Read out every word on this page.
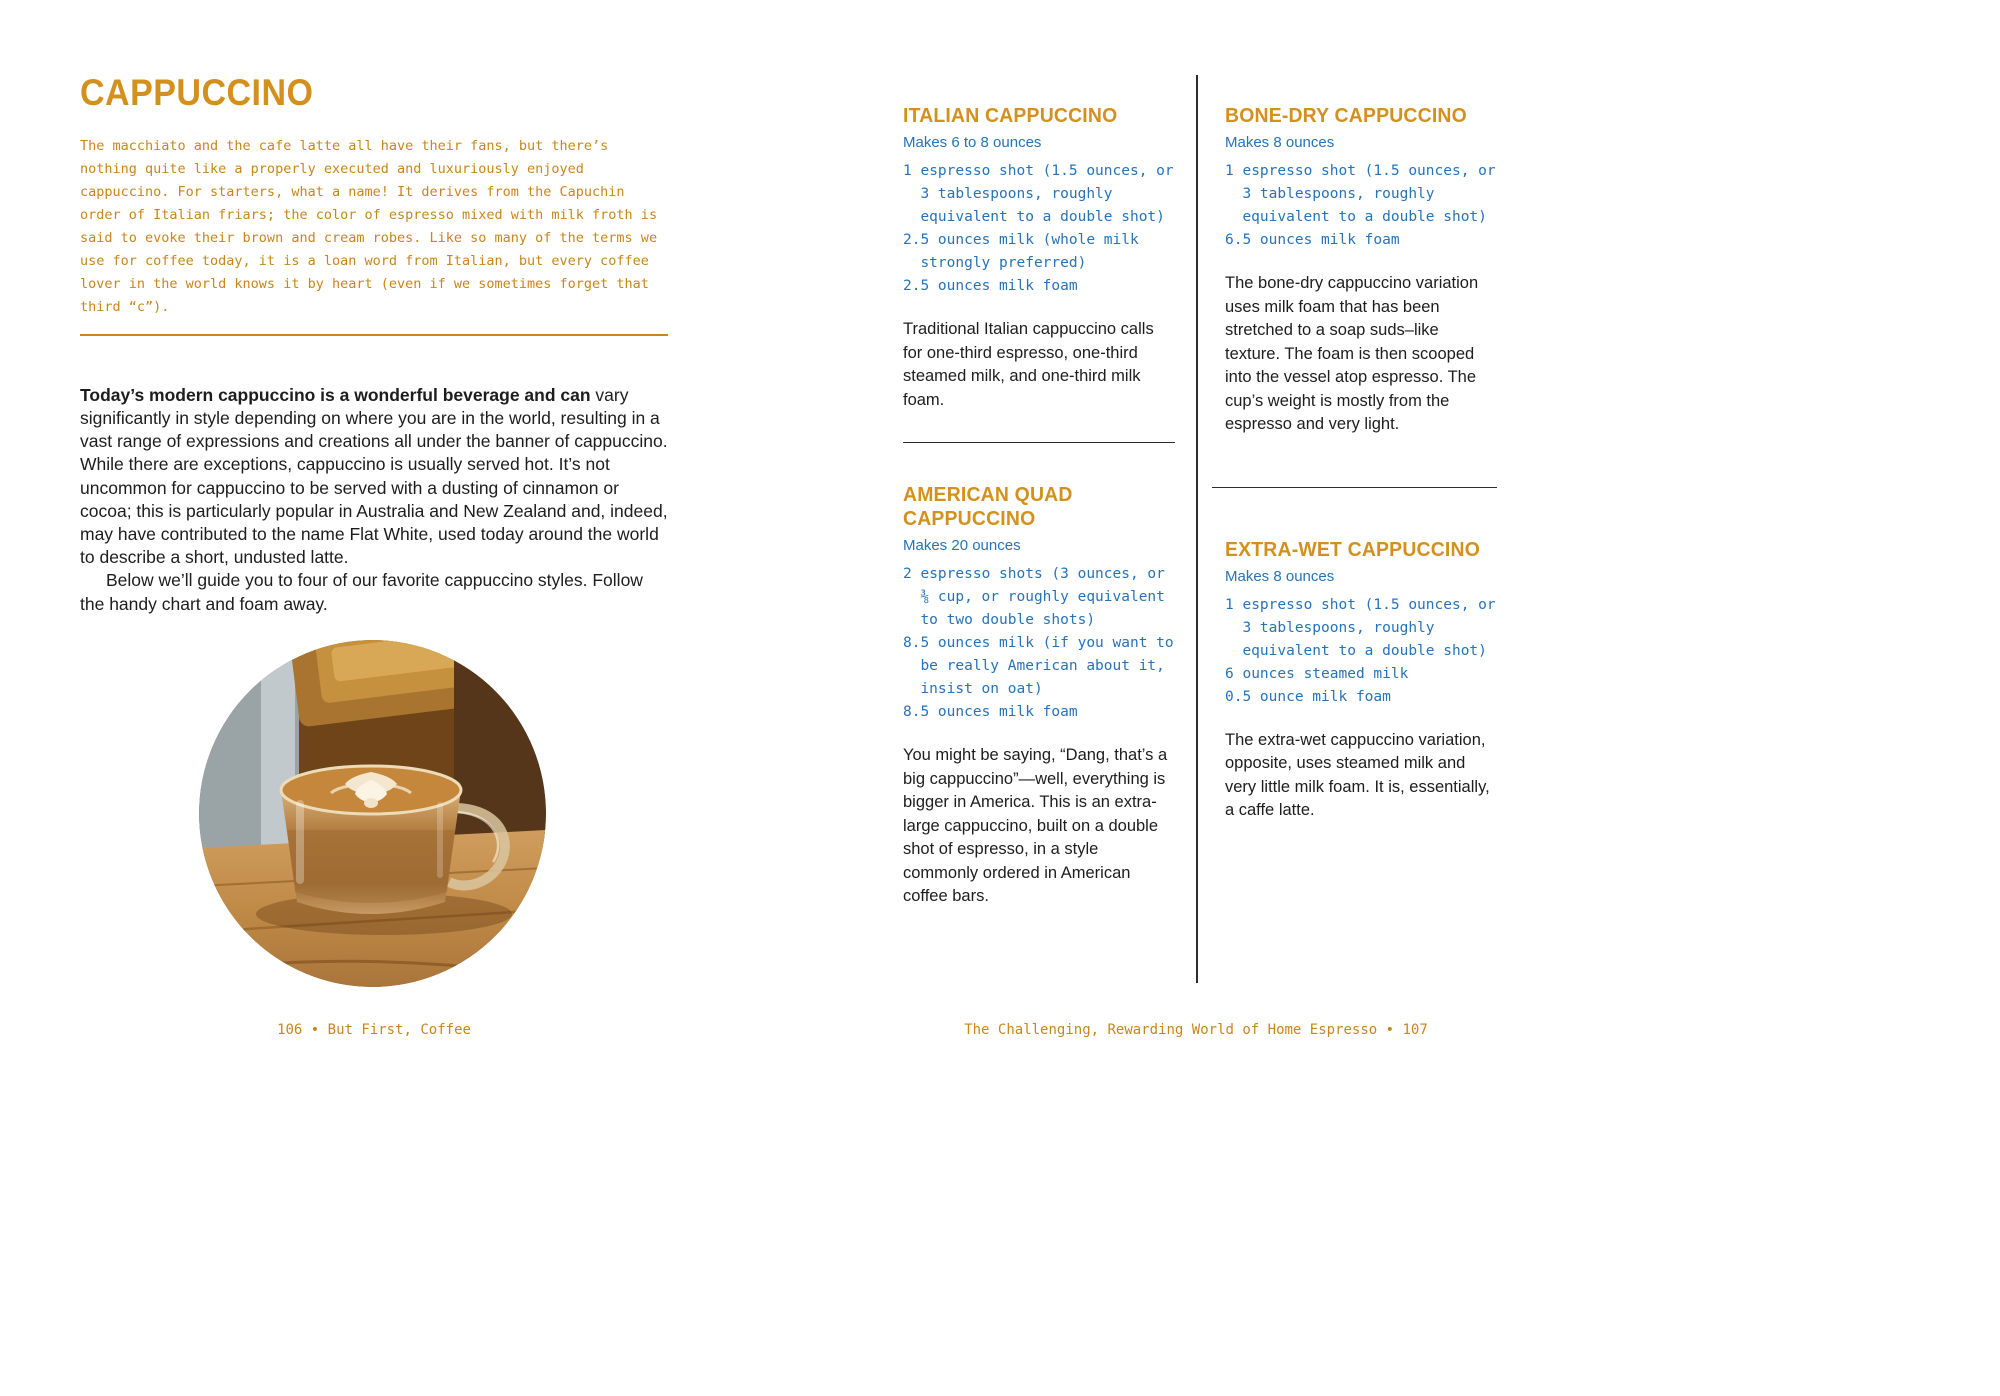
CAPPUCCINO

The macchiato and the cafe latte all have their fans, but there’s nothing quite like a properly executed and luxuriously enjoyed cappuccino. For starters, what a name! It derives from the Capuchin order of Italian friars; the color of espresso mixed with milk froth is said to evoke their brown and cream robes. Like so many of the terms we use for coffee today, it is a loan word from Italian, but every coffee lover in the world knows it by heart (even if we sometimes forget that third “c”).

Today’s modern cappuccino is a wonderful beverage and can vary significantly in style depending on where you are in the world, resulting in a vast range of expressions and creations all under the banner of cappuccino. While there are exceptions, cappuccino is usually served hot. It’s not uncommon for cappuccino to be served with a dusting of cinnamon or cocoa; this is particularly popular in Australia and New Zealand and, indeed, may have contributed to the name Flat White, used today around the world to describe a short, undusted latte.

Below we’ll guide you to four of our favorite cappuccino styles. Follow the handy chart and foam away.

106 • But First, Coffee
ITALIAN CAPPUCCINO
Makes 6 to 8 ounces
1 espresso shot (1.5 ounces, or 3 tablespoons, roughly equivalent to a double shot)
2.5 ounces milk (whole milk strongly preferred)
2.5 ounces milk foam

Traditional Italian cappuccino calls for one-third espresso, one-third steamed milk, and one-third milk foam.

AMERICAN QUAD CAPPUCCINO
Makes 20 ounces
2 espresso shots (3 ounces, or ⅜ cup, or roughly equivalent to two double shots)
8.5 ounces milk (if you want to be really American about it, insist on oat)
8.5 ounces milk foam

You might be saying, “Dang, that’s a big cappuccino”—well, everything is bigger in America. This is an extra-large cappuccino, built on a double shot of espresso, in a style commonly ordered in American coffee bars.

BONE-DRY CAPPUCCINO
Makes 8 ounces
1 espresso shot (1.5 ounces, or 3 tablespoons, roughly equivalent to a double shot)
6.5 ounces milk foam

The bone-dry cappuccino variation uses milk foam that has been stretched to a soap suds–like texture. The foam is then scooped into the vessel atop espresso. The cup’s weight is mostly from the espresso and very light.

EXTRA-WET CAPPUCCINO
Makes 8 ounces
1 espresso shot (1.5 ounces, or 3 tablespoons, roughly equivalent to a double shot)
6 ounces steamed milk
0.5 ounce milk foam

The extra-wet cappuccino variation, opposite, uses steamed milk and very little milk foam. It is, essentially, a caffe latte.

The Challenging, Rewarding World of Home Espresso • 107
